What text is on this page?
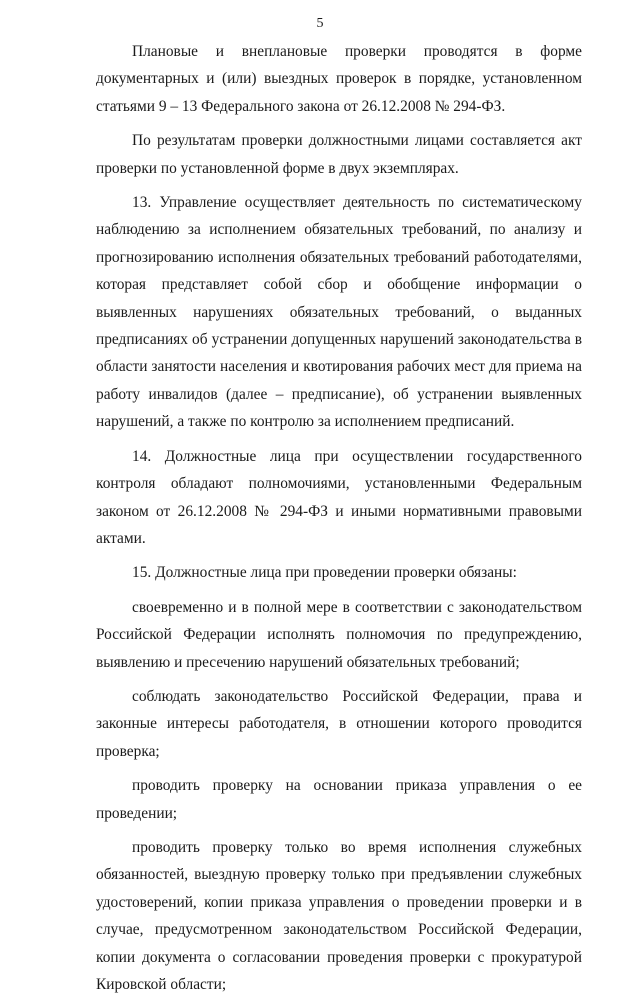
5

Плановые и внеплановые проверки проводятся в форме документарных и (или) выездных проверок в порядке, установленном статьями 9 – 13 Федерального закона от 26.12.2008 № 294-ФЗ.

По результатам проверки должностными лицами составляется акт проверки по установленной форме в двух экземплярах.

13. Управление осуществляет деятельность по систематическому наблюдению за исполнением обязательных требований, по анализу и прогнозированию исполнения обязательных требований работодателями, которая представляет собой сбор и обобщение информации о выявленных нарушениях обязательных требований, о выданных предписаниях об устранении допущенных нарушений законодательства в области занятости населения и квотирования рабочих мест для приема на работу инвалидов (далее – предписание), об устранении выявленных нарушений, а также по контролю за исполнением предписаний.

14. Должностные лица при осуществлении государственного контроля обладают полномочиями, установленными Федеральным законом от 26.12.2008 № 294-ФЗ и иными нормативными правовыми актами.

15. Должностные лица при проведении проверки обязаны:

своевременно и в полной мере в соответствии с законодательством Российской Федерации исполнять полномочия по предупреждению, выявлению и пресечению нарушений обязательных требований;

соблюдать законодательство Российской Федерации, права и законные интересы работодателя, в отношении которого проводится проверка;

проводить проверку на основании приказа управления о ее проведении;

проводить проверку только во время исполнения служебных обязанностей, выездную проверку только при предъявлении служебных удостоверений, копии приказа управления о проведении проверки и в случае, предусмотренном законодательством Российской Федерации, копии документа о согласовании проведения проверки с прокуратурой Кировской области;
